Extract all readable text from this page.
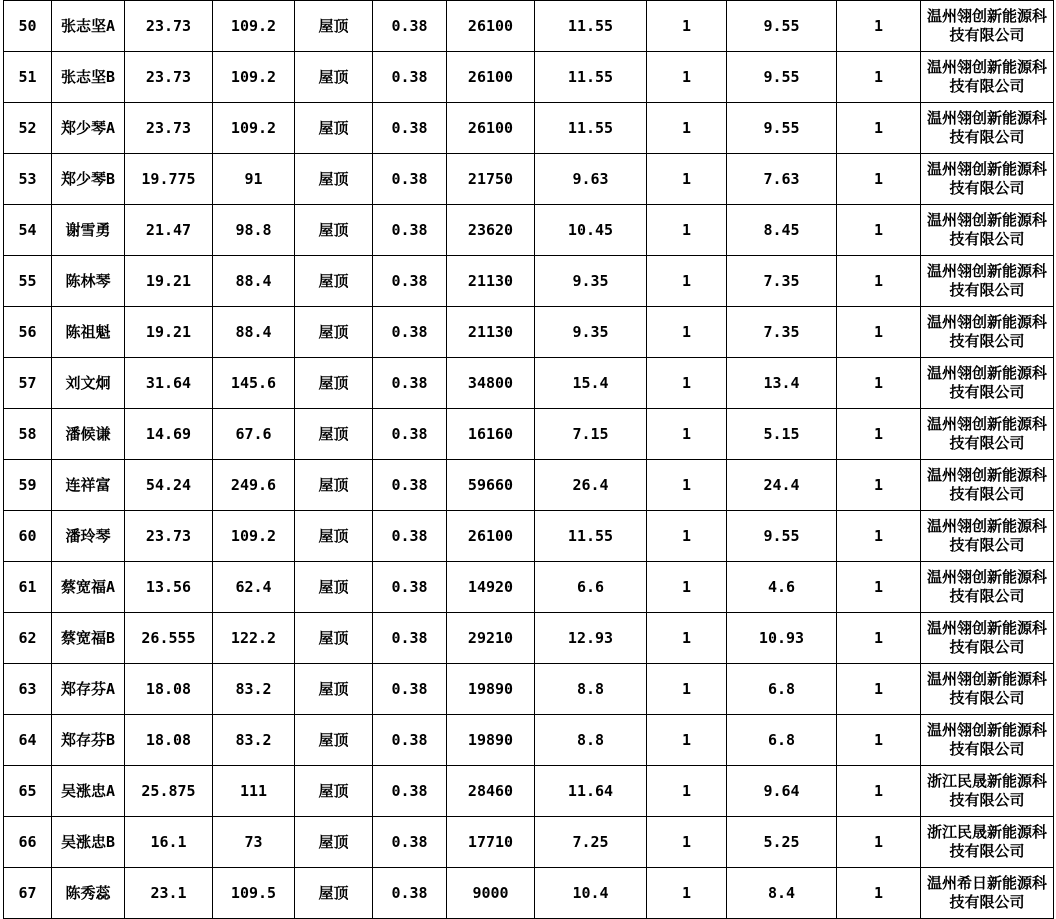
50	张志坚A	23.73	109.2	屋顶	0.38	26100	11.55	1	9.55	1	温州翎创新能源科技有限公司
51	张志坚B	23.73	109.2	屋顶	0.38	26100	11.55	1	9.55	1	温州翎创新能源科技有限公司
52	郑少琴A	23.73	109.2	屋顶	0.38	26100	11.55	1	9.55	1	温州翎创新能源科技有限公司
53	郑少琴B	19.775	91	屋顶	0.38	21750	9.63	1	7.63	1	温州翎创新能源科技有限公司
54	谢雪勇	21.47	98.8	屋顶	0.38	23620	10.45	1	8.45	1	温州翎创新能源科技有限公司
55	陈林琴	19.21	88.4	屋顶	0.38	21130	9.35	1	7.35	1	温州翎创新能源科技有限公司
56	陈祖魁	19.21	88.4	屋顶	0.38	21130	9.35	1	7.35	1	温州翎创新能源科技有限公司
57	刘文炯	31.64	145.6	屋顶	0.38	34800	15.4	1	13.4	1	温州翎创新能源科技有限公司
58	潘候谦	14.69	67.6	屋顶	0.38	16160	7.15	1	5.15	1	温州翎创新能源科技有限公司
59	连祥富	54.24	249.6	屋顶	0.38	59660	26.4	1	24.4	1	温州翎创新能源科技有限公司
60	潘玲琴	23.73	109.2	屋顶	0.38	26100	11.55	1	9.55	1	温州翎创新能源科技有限公司
61	蔡宽福A	13.56	62.4	屋顶	0.38	14920	6.6	1	4.6	1	温州翎创新能源科技有限公司
62	蔡宽福B	26.555	122.2	屋顶	0.38	29210	12.93	1	10.93	1	温州翎创新能源科技有限公司
63	郑存芬A	18.08	83.2	屋顶	0.38	19890	8.8	1	6.8	1	温州翎创新能源科技有限公司
64	郑存芬B	18.08	83.2	屋顶	0.38	19890	8.8	1	6.8	1	温州翎创新能源科技有限公司
65	吴涨忠A	25.875	111	屋顶	0.38	28460	11.64	1	9.64	1	浙江民晟新能源科技有限公司
66	吴涨忠B	16.1	73	屋顶	0.38	17710	7.25	1	5.25	1	浙江民晟新能源科技有限公司
67	陈秀蕊	23.1	109.5	屋顶	0.38	9000	10.4	1	8.4	1	温州希日新能源科技有限公司
